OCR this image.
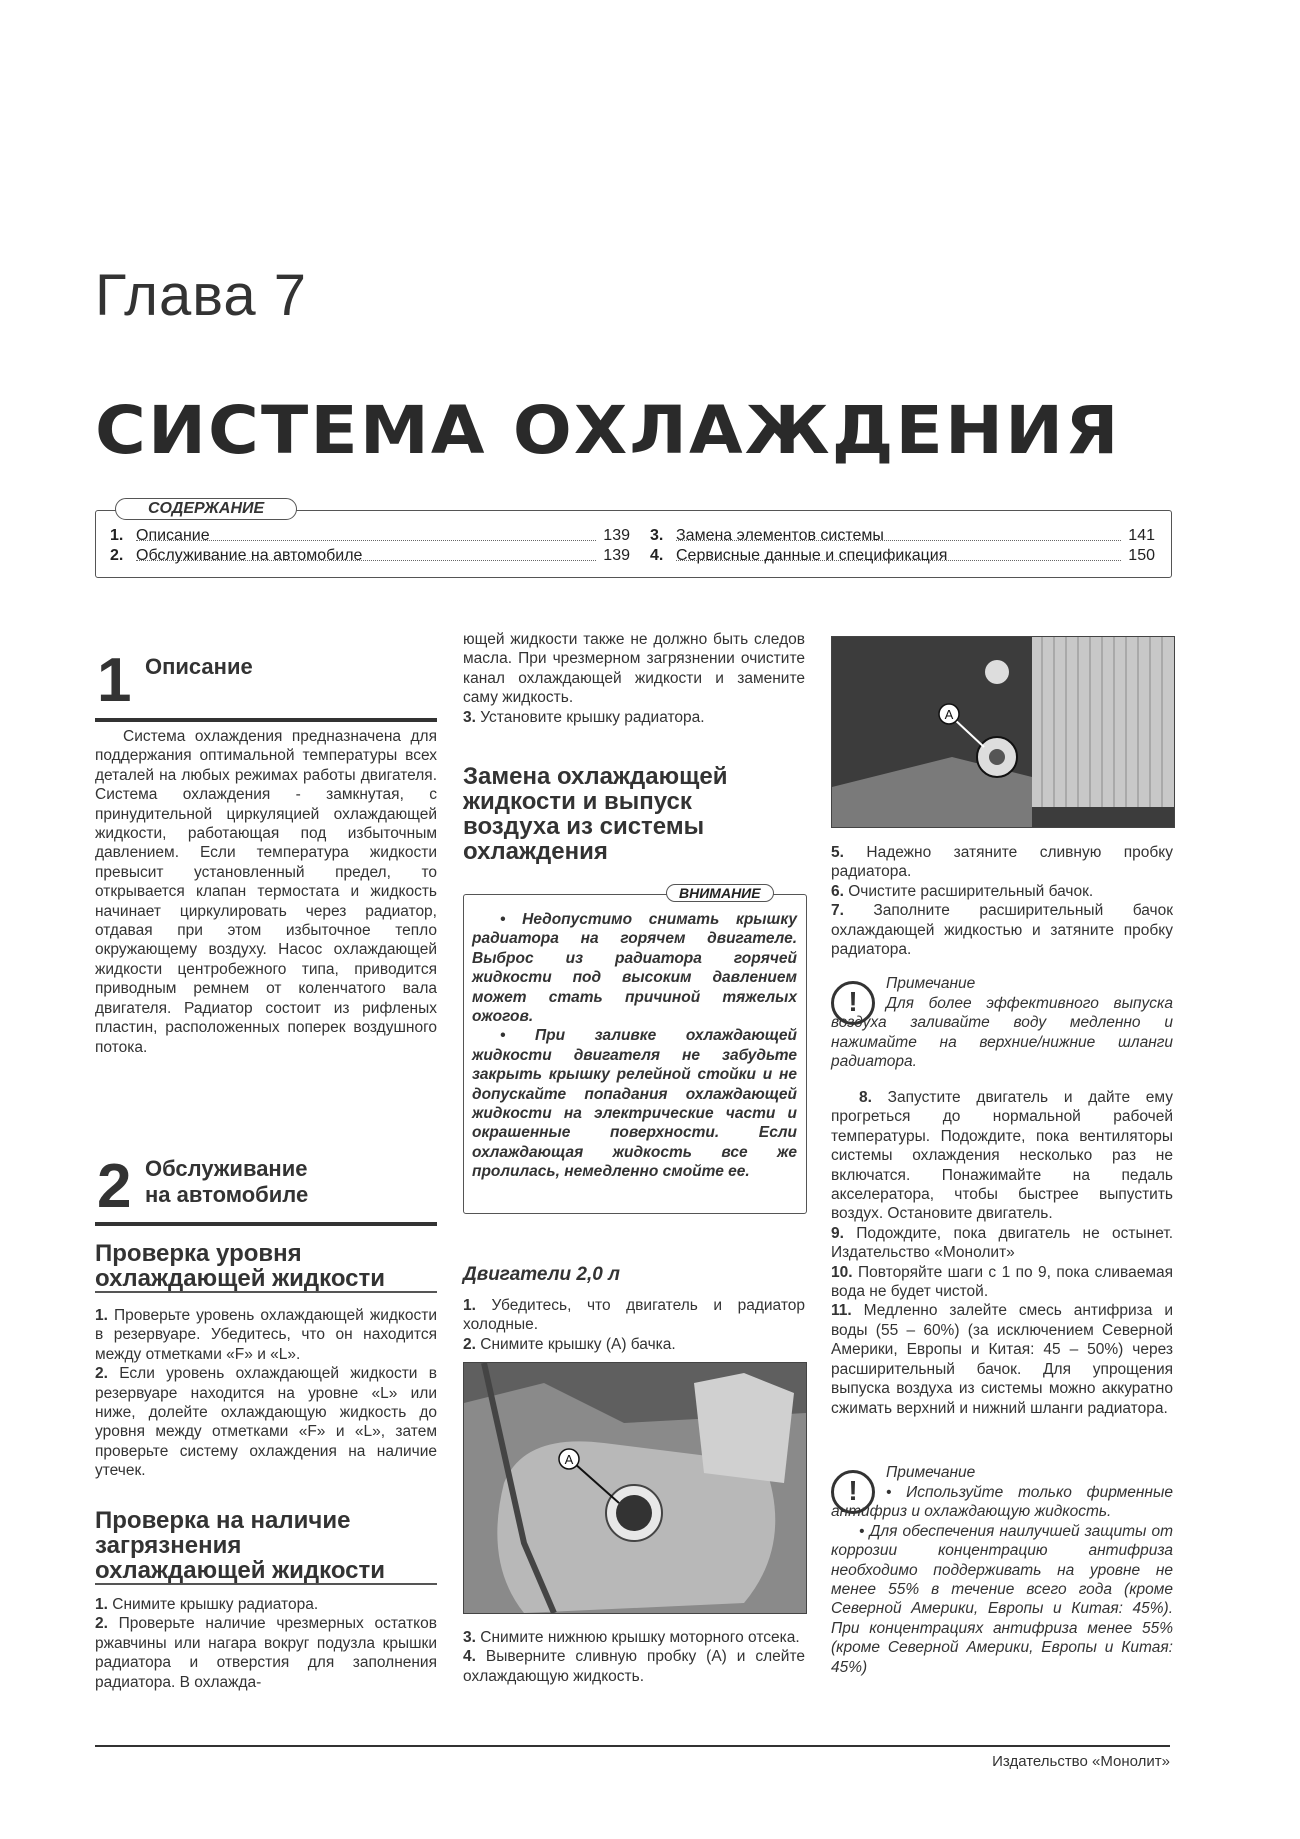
Глава 7
СИСТЕМА ОХЛАЖДЕНИЯ
СОДЕРЖАНИЕ
1. Описание	139
2. Обслуживание на автомобиле	139
3. Замена элементов системы	141
4. Сервисные данные и спецификация	150
1 Описание
Система охлаждения предназначена для поддержания оптимальной температуры всех деталей на любых режимах работы двигателя. Система охлаждения - замкнутая, с принудительной циркуляцией охлаждающей жидкости, работающая под избыточным давлением. Если температура жидкости превысит установленный предел, то открывается клапан термостата и жидкость начинает циркулировать через радиатор, отдавая при этом избыточное тепло окружающему воздуху. Насос охлаждающей жидкости центробежного типа, приводится приводным ремнем от коленчатого вала двигателя. Радиатор состоит из рифленых пластин, расположенных поперек воздушного потока.
2 Обслуживание
на автомобиле
Проверка уровня
охлаждающей жидкости

1. Проверьте уровень охлаждающей жидкости в резервуаре. Убедитесь, что он находится между отметками «F» и «L».

2. Если уровень охлаждающей жидкости в резервуаре находится на уровне «L» или ниже, долейте охлаждающую жидкость до уровня между отметками «F» и «L», затем проверьте систему охлаждения на наличие утечек.

Проверка на наличие
загрязнения
охлаждающей жидкости

1. Снимите крышку радиатора.

2. Проверьте наличие чрезмерных остатков ржавчины или нагара вокруг подузла крышки радиатора и отверстия для заполнения радиатора. В охлажда-

ющей жидкости также не должно быть следов масла. При чрезмерном загрязнении очистите канал охлаждающей жидкости и замените саму жидкость.

3. Установите крышку радиатора.

Замена охлаждающей
жидкости и выпуск
воздуха из системы
охлаждения
ВНИМАНИЕ
• Недопустимо снимать крышку радиатора на горячем двигателе. Выброс из радиатора горячей жидкости под высоким давлением может стать причиной тяжелых ожогов.
• При заливке охлаждающей жидкости двигателя не забудьте закрыть крышку релейной стойки и не допускайте попадания охлаждающей жидкости на электрические части и окрашенные поверхности. Если охлаждающая жидкость все же пролилась, немедленно смойте ее.
Двигатели 2,0 л

1. Убедитесь, что двигатель и радиатор холодные.

2. Снимите крышку (А) бачка.

A

3. Снимите нижнюю крышку моторного отсека.

4. Выверните сливную пробку (А) и слейте охлаждающую жидкость.

A

5. Надежно затяните сливную пробку радиатора.

6. Очистите расширительный бачок.

7. Заполните расширительный бачок охлаждающей жидкостью и затяните пробку радиатора.

!
Примечание
Для более эффективного выпуска воздуха заливайте воду медленно и нажимайте на верхние/нижние шланги радиатора.

8. Запустите двигатель и дайте ему прогреться до нормальной рабочей температуры. Подождите, пока вентиляторы системы охлаждения несколько раз не включатся. Понажимайте на педаль акселератора, чтобы быстрее выпустить воздух. Остановите двигатель.

9. Подождите, пока двигатель не остынет. Издательство «Монолит»

10. Повторяйте шаги с 1 по 9, пока сливаемая вода не будет чистой.

11. Медленно залейте смесь антифриза и воды (55 – 60%) (за исключением Северной Америки, Европы и Китая: 45 – 50%) через расширительный бачок. Для упрощения выпуска воздуха из системы можно аккуратно сжимать верхний и нижний шланги радиатора.

!
Примечание
• Используйте только фирменные антифриз и охлаждающую жидкость.
• Для обеспечения наилучшей защиты от коррозии концентрацию антифриза необходимо поддерживать на уровне не менее 55% в течение всего года (кроме Северной Америки, Европы и Китая: 45%). При концентрациях антифриза менее 55% (кроме Северной Америки, Европы и Китая: 45%)
Издательство «Монолит»
